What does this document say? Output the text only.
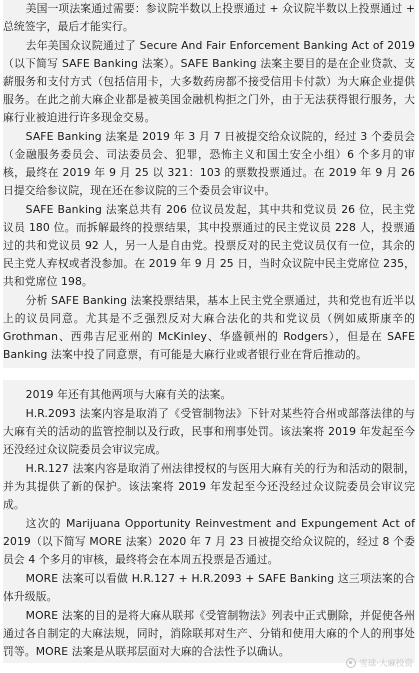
美国一项法案通过需要：参议院半数以上投票通过 + 众议院半数以上投票通过 + 总统签字，最后才能实行。

去年美国众议院通过了 Secure And Fair Enforcement Banking Act of 2019（以下简写 SAFE Banking 法案）。SAFE Banking 法案主要目的是在企业贷款、支薪服务和支付方式（包括信用卡，大多数药房都不接受信用卡付款）为大麻企业提供服务。在此之前大麻企业都是被美国金融机构拒之门外，由于无法获得银行服务，大麻行业被迫进行许多现金交易。

SAFE Banking 法案是 2019 年 3 月 7 日被提交给众议院的，经过 3 个委员会（金融服务委员会、司法委员会、犯罪，恐怖主义和国土安全小组）6 个多月的审核，最终在 2019 年 9 月 25 以 321：103 的票数投票通过。在 2019 年 9 月 26 日提交给参议院，现在还在参议院的三个委员会审议中。

SAFE Banking 法案总共有 206 位议员发起，其中共和党议员 26 位，民主党议员 180 位。而拆解最终的投票结果，其中投票通过的民主党议员 228 人，投票通过的共和党议员 92 人，另一人是自由党。投票反对的民主党议员仅有一位，其余的民主党人弃权或者没参加。在 2019 年 9 月 25 日，当时众议院中民主党席位 235，共和党席位 198。

分析 SAFE Banking 法案投票结果，基本上民主党全票通过，共和党也有近半以上的议员同意。尤其是不乏强烈反对大麻合法化的共和党议员（例如威斯康辛的 Grothman、西弗吉尼亚州的 McKinley、华盛顿州的 Rodgers），但是在 SAFE Banking 法案中投了同意票，有可能是大麻行业或者银行业在背后推动的。

2019 年还有其他两项与大麻有关的法案。

H.R.2093 法案内容是取消了《受管制物法》下针对某些符合州或部落法律的与大麻有关的活动的监管控制以及行政，民事和刑事处罚。该法案将 2019 年发起至今还没经过众议院委员会审议完成。

H.R.127 法案内容是取消了州法律授权的与医用大麻有关的行为和活动的限制，并为其提供了新的保护。该法案将 2019 年发起至今还没经过众议院委员会审议完成。

这次的 Marijuana Opportunity Reinvestment and Expungement Act of 2019（以下简写 MORE 法案）2020 年 7 月 23 日被提交给众议院的，经过 8 个委员会 4 个多月的审核，最终将会在本周五投票是否通过。

MORE 法案可以看做 H.R.127 + H.R.2093 + SAFE Banking 这三项法案的合体升级版。

MORE 法案的目的是将大麻从联邦《受管制物法》列表中正式删除，并促使各州通过各自制定的大麻法规，同时，消除联邦对生产、分销和使用大麻的个人的刑事处罚等。MORE 法案是从联邦层面对大麻的合法性予以确认。

雪球·大麻投资
